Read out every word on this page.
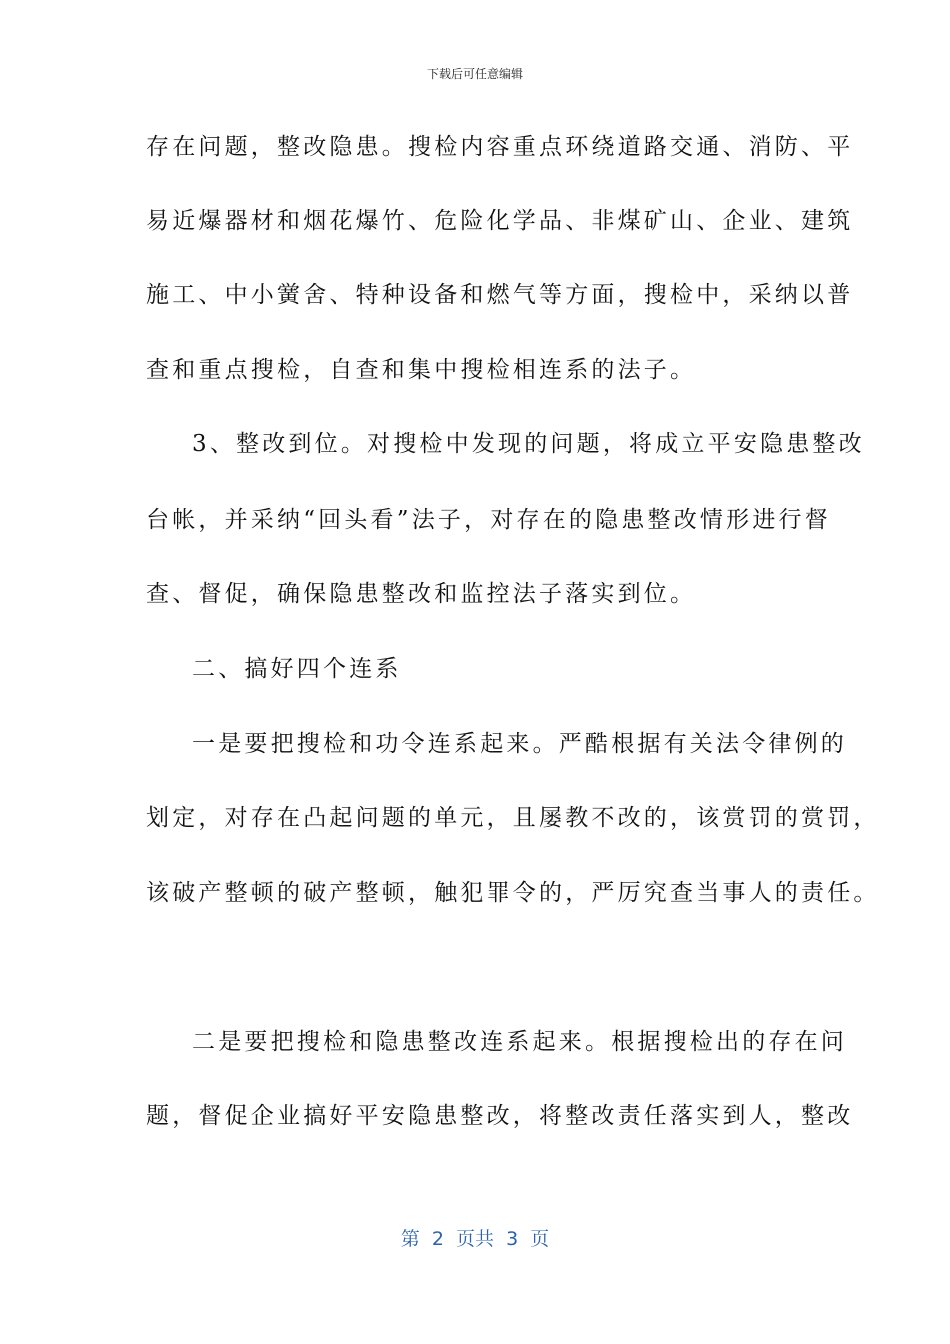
下载后可任意编辑
存在问题，整改隐患。搜检内容重点环绕道路交通、消防、平
易近爆器材和烟花爆竹、危险化学品、非煤矿山、企业、建筑
施工、中小黉舍、特种设备和燃气等方面，搜检中，采纳以普
查和重点搜检，自查和集中搜检相连系的法子。
3、整改到位。对搜检中发现的问题，将成立平安隐患整改
台帐，并采纳“回头看”法子，对存在的隐患整改情形进行督
查、督促，确保隐患整改和监控法子落实到位。
二、搞好四个连系
一是要把搜检和功令连系起来。严酷根据有关法令律例的
划定，对存在凸起问题的单元，且屡教不改的，该赏罚的赏罚，
该破产整顿的破产整顿，触犯罪令的，严厉究查当事人的责任。
二是要把搜检和隐患整改连系起来。根据搜检出的存在问
题，督促企业搞好平安隐患整改，将整改责任落实到人，整改
第  2  页共  3  页
